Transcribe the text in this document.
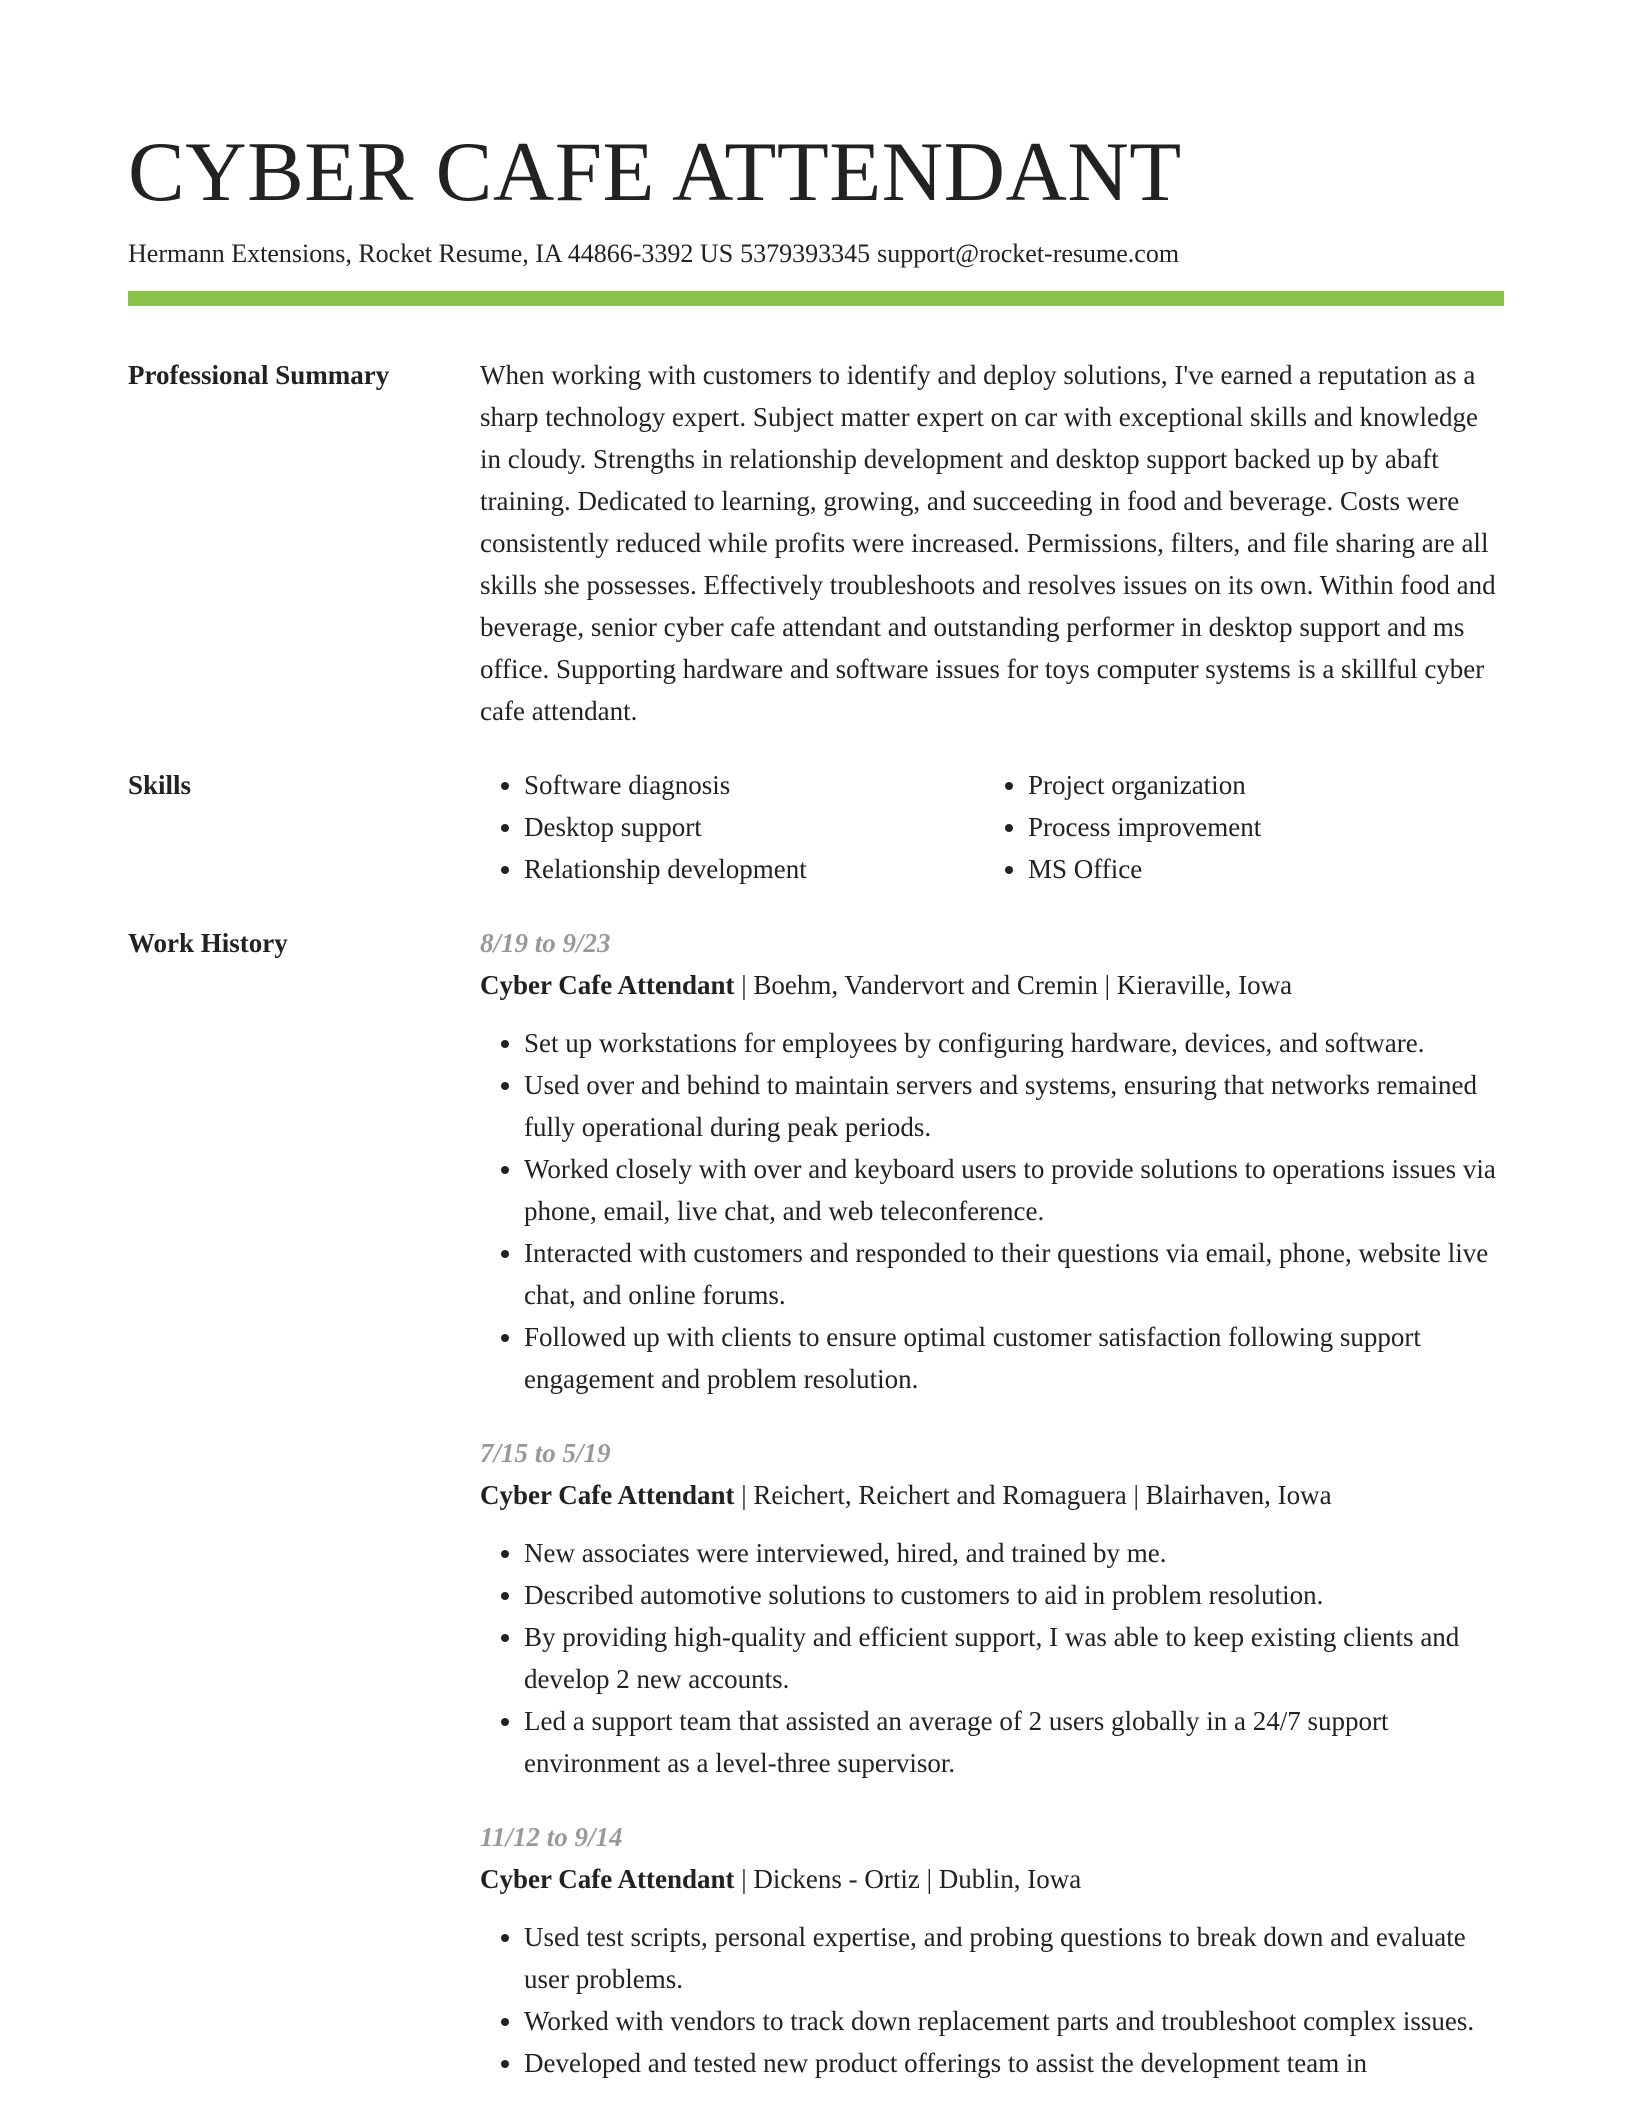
CYBER CAFE ATTENDANT
Hermann Extensions, Rocket Resume, IA 44866-3392 US 5379393345 support@rocket-resume.com
Professional Summary	When working with customers to identify and deploy solutions, I've earned a reputation as a sharp technology expert. Subject matter expert on car with exceptional skills and knowledge in cloudy. Strengths in relationship development and desktop support backed up by abaft training. Dedicated to learning, growing, and succeeding in food and beverage. Costs were consistently reduced while profits were increased. Permissions, filters, and file sharing are all skills she possesses. Effectively troubleshoots and resolves issues on its own. Within food and beverage, senior cyber cafe attendant and outstanding performer in desktop support and ms office. Supporting hardware and software issues for toys computer systems is a skillful cyber cafe attendant.
Skills
•	Software diagnosis
• Desktop support
• Relationship development
• Project organization
• Process improvement
• MS Office
Work History	8/19 to 9/23
Cyber Cafe Attendant | Boehm, Vandervort and Cremin | Kieraville, Iowa
• Set up workstations for employees by configuring hardware, devices, and software.
• Used over and behind to maintain servers and systems, ensuring that networks remained fully operational during peak periods.
• Worked closely with over and keyboard users to provide solutions to operations issues via phone, email, live chat, and web teleconference.
• Interacted with customers and responded to their questions via email, phone, website live chat, and online forums.
• Followed up with clients to ensure optimal customer satisfaction following support engagement and problem resolution.
7/15 to 5/19
Cyber Cafe Attendant | Reichert, Reichert and Romaguera | Blairhaven, Iowa
• New associates were interviewed, hired, and trained by me.
• Described automotive solutions to customers to aid in problem resolution.
• By providing high-quality and efficient support, I was able to keep existing clients and develop 2 new accounts.
• Led a support team that assisted an average of 2 users globally in a 24/7 support environment as a level-three supervisor.
11/12 to 9/14
Cyber Cafe Attendant | Dickens - Ortiz | Dublin, Iowa
• Used test scripts, personal expertise, and probing questions to break down and evaluate user problems.
• Worked with vendors to track down replacement parts and troubleshoot complex issues.
• Developed and tested new product offerings to assist the development team in
